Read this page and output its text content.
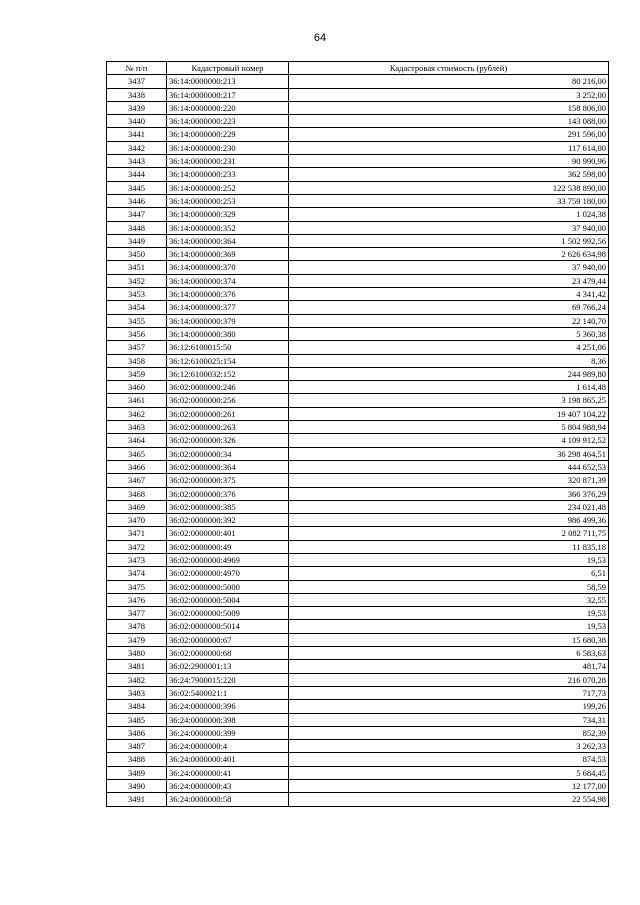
64
№ п/п	Кадастровый номер	Кадастровая стоимость (рублей)
3437	36:14:0000000:213	80 216,00
3438	36:14:0000000:217	3 252,00
3439	36:14:0000000:220	158 806,00
3440	36:14:0000000:223	143 088,00
3441	36:14:0000000:229	291 596,00
3442	36:14:0000000:230	117 614,00
3443	36:14:0000000:231	90 990,96
3444	36:14:0000000:233	362 598,00
3445	36:14:0000000:252	122 538 890,00
3446	36:14:0000000:253	33 759 180,00
3447	36:14:0000000:329	1 024,38
3448	36:14:0000000:352	37 940,00
3449	36:14:0000000:364	1 502 992,56
3450	36:14:0000000:369	2 626 634,98
3451	36:14:0000000:370	37 940,00
3452	36:14:0000000:374	23 479,44
3453	36:14:0000000:376	4 341,42
3454	36:14:0000000:377	69 766,24
3455	36:14:0000000:379	22 140,70
3456	36:14:0000000:380	5 360,38
3457	36:12:6100015:50	4 251,06
3458	36:12:6100025:154	8,36
3459	36:12:6100032:152	244 989,80
3460	36:02:0000000:246	1 614,48
3461	36:02:0000000:256	3 198 865,25
3462	36:02:0000000:261	19 407 104,22
3463	36:02:0000000:263	5 804 988,94
3464	36:02:0000000:326	4 109 912,52
3465	36:02:0000000:34	36 298 464,51
3466	36:02:0000000:364	444 652,53
3467	36:02:0000000:375	320 871,39
3468	36:02:0000000:376	366 376,29
3469	36:02:0000000:385	234 021,48
3470	36:02:0000000:392	986 499,36
3471	36:02:0000000:401	2 082 711,75
3472	36:02:0000000:49	11 835,18
3473	36:02:0000000:4969	19,53
3474	36:02:0000000:4970	6,51
3475	36:02:0000000:5000	58,59
3476	36:02:0000000:5004	32,55
3477	36:02:0000000:5009	19,53
3478	36:02:0000000:5014	19,53
3479	36:02:0000000:67	15 680,38
3480	36:02:0000000:68	6 583,63
3481	36:02:2900001:13	481,74
3482	36:24:7900015:220	216 070,28
3483	36:02:5400021:1	717,73
3484	36:24:0000000:396	199,26
3485	36:24:0000000:398	734,31
3486	36:24:0000000:399	852,39
3487	36:24:0000000:4	3 262,33
3488	36:24:0000000:401	874,53
3489	36:24:0000000:41	5 684,45
3490	36:24:0000000:43	12 177,00
3491	36:24:0000000:58	22 554,98
